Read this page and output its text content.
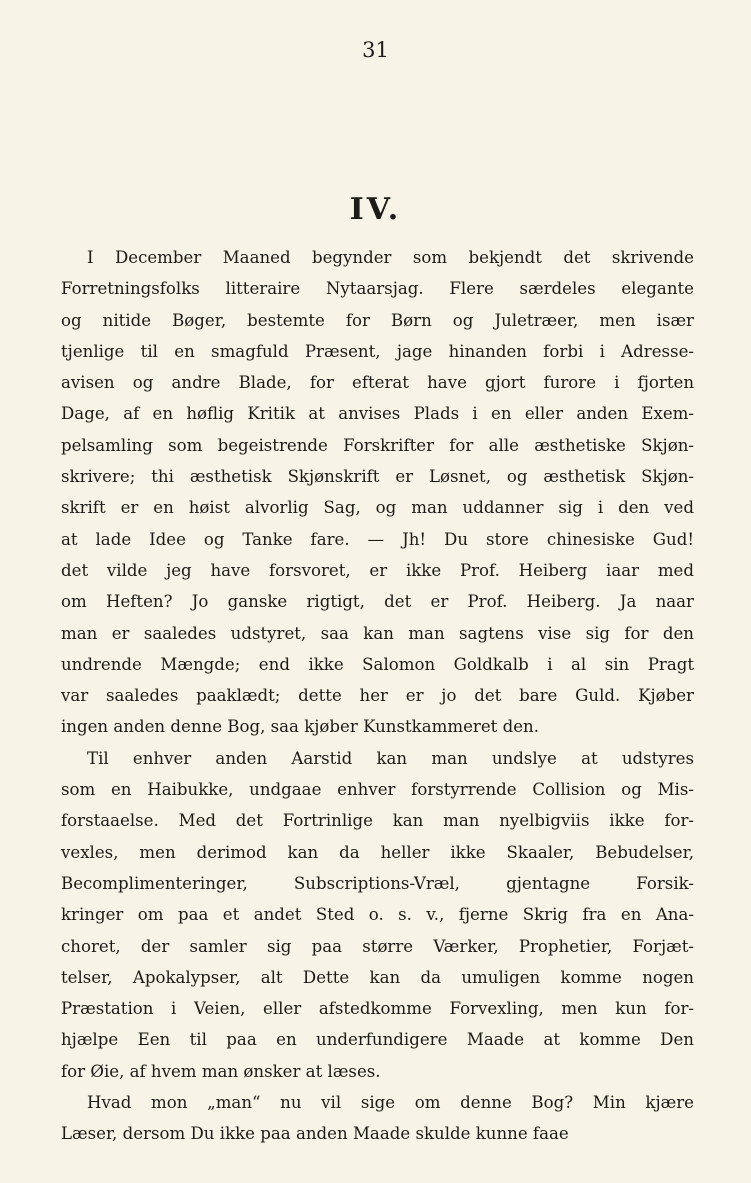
31
IV.
I December Maaned begynder som bekjendt det skrivende
Forretningsfolks litteraire Nytaarsjag. Flere særdeles elegante
og nitide Bøger, bestemte for Børn og Juletræer, men især
tjenlige til en smagfuld Præsent, jage hinanden forbi i Adresse-
avisen og andre Blade, for efterat have gjort furore i fjorten
Dage, af en høflig Kritik at anvises Plads i en eller anden Exem-
pelsamling som begeistrende Forskrifter for alle æsthetiske Skjøn-
skrivere; thi æsthetisk Skjønskrift er Løsnet, og æsthetisk Skjøn-
skrift er en høist alvorlig Sag, og man uddanner sig i den ved
at lade Idee og Tanke fare. — Jh! Du store chinesiske Gud!
det vilde jeg have forsvoret, er ikke Prof. Heiberg iaar med
om Heften? Jo ganske rigtigt, det er Prof. Heiberg. Ja naar
man er saaledes udstyret, saa kan man sagtens vise sig for den
undrende Mængde; end ikke Salomon Goldkalb i al sin Pragt
var saaledes paaklædt; dette her er jo det bare Guld. Kjøber
ingen anden denne Bog, saa kjøber Kunstkammeret den.
Til enhver anden Aarstid kan man undslye at udstyres
som en Haibukke, undgaae enhver forstyrrende Collision og Mis-
forstaaelse. Med det Fortrinlige kan man nyelbigviis ikke for-
vexles, men derimod kan da heller ikke Skaaler, Bebudelser,
Becomplimenteringer, Subscriptions-Vræl, gjentagne Forsik-
kringer om paa et andet Sted o. s. v., fjerne Skrig fra en Ana-
choret, der samler sig paa større Værker, Prophetier, Forjæt-
telser, Apokalypser, alt Dette kan da umuligen komme nogen
Præstation i Veien, eller afstedkomme Forvexling, men kun for-
hjælpe Een til paa en underfundigere Maade at komme Den
for Øie, af hvem man ønsker at læses.
Hvad mon „man“ nu vil sige om denne Bog? Min kjære
Læser, dersom Du ikke paa anden Maade skulde kunne faae
